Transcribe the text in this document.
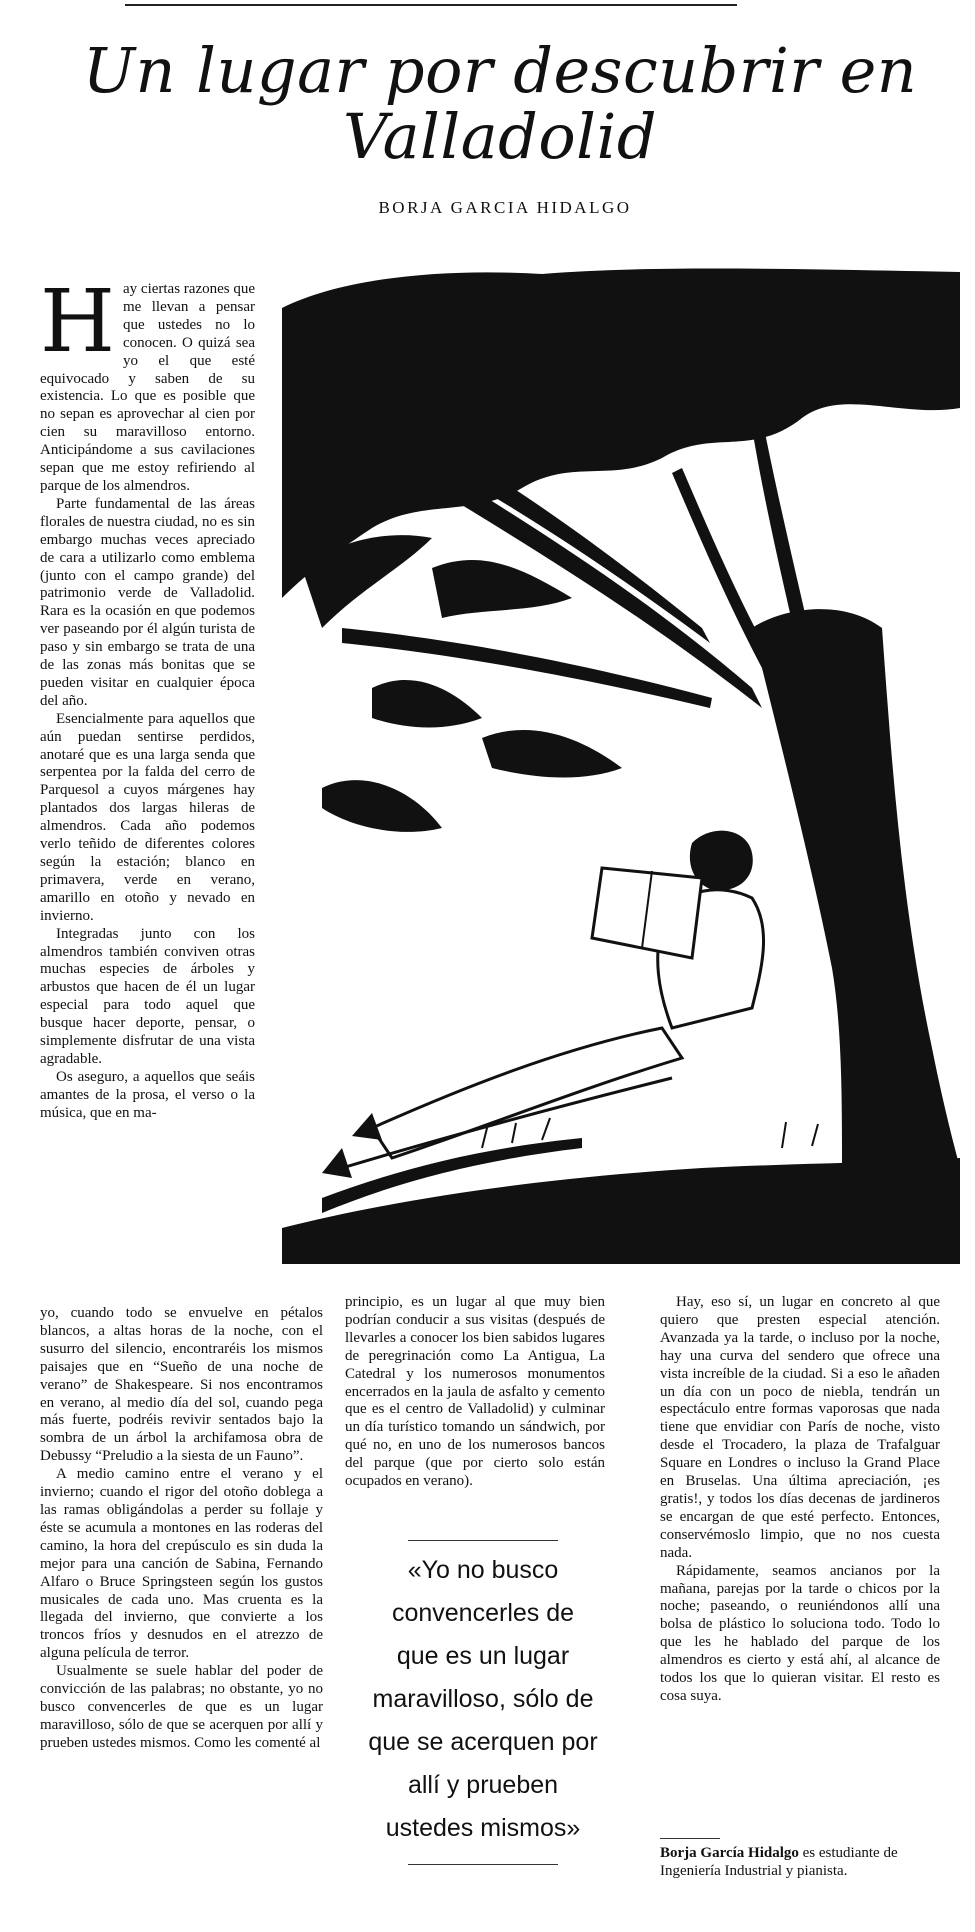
Un lugar por descubrir en Valladolid
BORJA GARCIA HIDALGO

Hay ciertas razones que me llevan a pensar que ustedes no lo conocen. O quizá sea yo el que esté equivocado y saben de su existencia. Lo que es posible que no sepan es aprovechar al cien por cien su maravilloso entorno. Anticipándome a sus cavilaciones sepan que me estoy refiriendo al parque de los almendros.

Parte fundamental de las áreas florales de nuestra ciudad, no es sin embargo muchas veces apreciado de cara a utilizarlo como emblema (junto con el campo grande) del patrimonio verde de Valladolid. Rara es la ocasión en que podemos ver paseando por él algún turista de paso y sin embargo se trata de una de las zonas más bonitas que se pueden visitar en cualquier época del año.

Esencialmente para aquellos que aún puedan sentirse perdidos, anotaré que es una larga senda que serpentea por la falda del cerro de Parquesol a cuyos márgenes hay plantados dos largas hileras de almendros. Cada año podemos verlo teñido de diferentes colores según la estación; blanco en primavera, verde en verano, amarillo en otoño y nevado en invierno.

Integradas junto con los almendros también conviven otras muchas especies de árboles y arbustos que hacen de él un lugar especial para todo aquel que busque hacer deporte, pensar, o simplemente disfrutar de una vista agradable.

Os aseguro, a aquellos que seáis amantes de la prosa, el verso o la música, que en ma-

yo, cuando todo se envuelve en pétalos blancos, a altas horas de la noche, con el susurro del silencio, encontraréis los mismos paisajes que en “Sueño de una noche de verano” de Shakespeare. Si nos encontramos en verano, al medio día del sol, cuando pega más fuerte, podréis revivir sentados bajo la sombra de un árbol la archifamosa obra de Debussy “Preludio a la siesta de un Fauno”.

A medio camino entre el verano y el invierno; cuando el rigor del otoño doblega a las ramas obligándolas a perder su follaje y éste se acumula a montones en las roderas del camino, la hora del crepúsculo es sin duda la mejor para una canción de Sabina, Fernando Alfaro o Bruce Springsteen según los gustos musicales de cada uno. Mas cruenta es la llegada del invierno, que convierte a los troncos fríos y desnudos en el atrezzo de alguna película de terror.

Usualmente se suele hablar del poder de convicción de las palabras; no obstante, yo no busco convencerles de que es un lugar maravilloso, sólo de que se acerquen por allí y prueben ustedes mismos. Como les comenté al

principio, es un lugar al que muy bien podrían conducir a sus visitas (después de llevarles a conocer los bien sabidos lugares de peregrinación como La Antigua, La Catedral y los numerosos monumentos encerrados en la jaula de asfalto y cemento que es el centro de Valladolid) y culminar un día turístico tomando un sándwich, por qué no, en uno de los numerosos bancos del parque (que por cierto solo están ocupados en verano).

«Yo no busco convencerles de que es un lugar maravilloso, sólo de que se acerquen por allí y prueben ustedes mismos»

Hay, eso sí, un lugar en concreto al que quiero que presten especial atención. Avanzada ya la tarde, o incluso por la noche, hay una curva del sendero que ofrece una vista increíble de la ciudad. Si a eso le añaden un día con un poco de niebla, tendrán un espectáculo entre formas vaporosas que nada tiene que envidiar con París de noche, visto desde el Trocadero, la plaza de Trafalguar Square en Londres o incluso la Grand Place en Bruselas. Una última apreciación, ¡es gratis!, y todos los días decenas de jardineros se encargan de que esté perfecto. Entonces, conservémoslo limpio, que no nos cuesta nada.

Rápidamente, seamos ancianos por la mañana, parejas por la tarde o chicos por la noche; paseando, o reuniéndonos allí una bolsa de plástico lo soluciona todo. Todo lo que les he hablado del parque de los almendros es cierto y está ahí, al alcance de todos los que lo quieran visitar. El resto es cosa suya.

Borja García Hidalgo es estudiante de Ingeniería Industrial y pianista.
Lugue
